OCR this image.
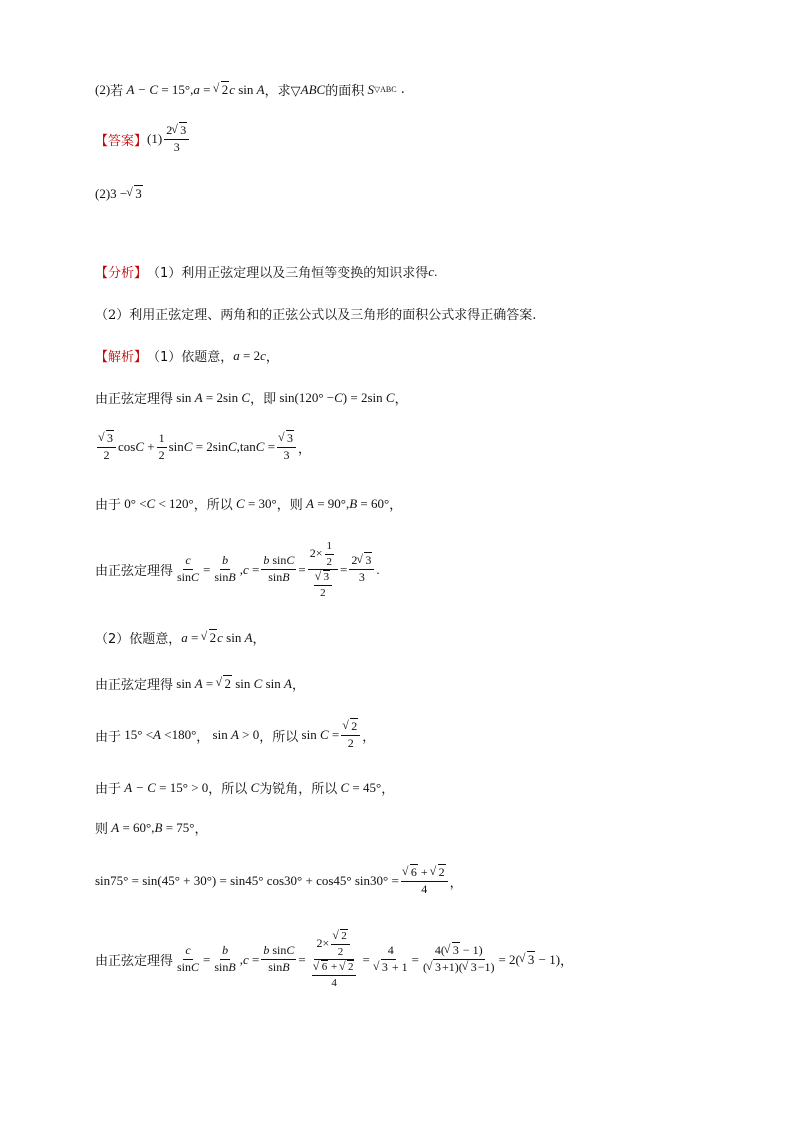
(2) 若 A − C = 15°, a =
√ 2 c sin A ，求▽ ABC 的面积 S ▽ABC .
【答案】 $(1) \frac{2√ 3}{3}$
(2)3 −
√ 3
【分析】 （1）利用正弦定理以及三角恒等变换的知识求得 c .
（2）利用正弦定理、两角和的正弦公式以及三角形的面积公式求得正确答案.
【解析】 （1）依题意， a = 2 c ，
由正弦定理得 sin A = 2sin C ，即 sin(120° − C ) = 2sin C ，
√ $\frac{3}{2}$ $\cos C + \frac{1}{2}$ sin C = 2sin C ,tan C =
√ $\frac{3}{3}$ ，
由于 0° < C < 120° ，所以 C = 30° ，则 A = 90°, B = 60° ，
由正弦定理得 $\frac{c}{\sin C} = \frac{b}{\sin B}$ , $c = \frac{\text{b sinC}}{\sin B} = 2\times \frac{1}{2}$
√ $\frac{3}{2} = \frac{2√ 3}{3}$ .
（2）依题意， a =
√ 2 c sin A ，
由正弦定理得 sin A =
√ 2 sin C sin A ，
由于 15° < A <180° ， sin A > 0 ，所以 sin C =
√ $\frac{2}{2}$ ，
由于 A − C = 15° > 0 ，所以 C 为锐角，所以 C = 45° ，
则 A = 60°, B = 75° ，
sin75° = sin(45° + 30°) = sin45° cos30° + cos45° sin30° =
√ $\frac{6 + √ 2}{4}$ ，
由正弦定理得 $\frac{c}{\sin C} = \frac{b}{\sin B}$ , $c = \frac{\text{b sinC}}{\sin B} = 2\times$
√ $\frac{2}{2}$
√ $\frac{6 + √ 2}{4} = 4$
√ $3 + 1 = \frac{4(√ 3 - 1)}{(√ 3+1)(√ 3-1)} = 2(√$ 3 − 1) ，
